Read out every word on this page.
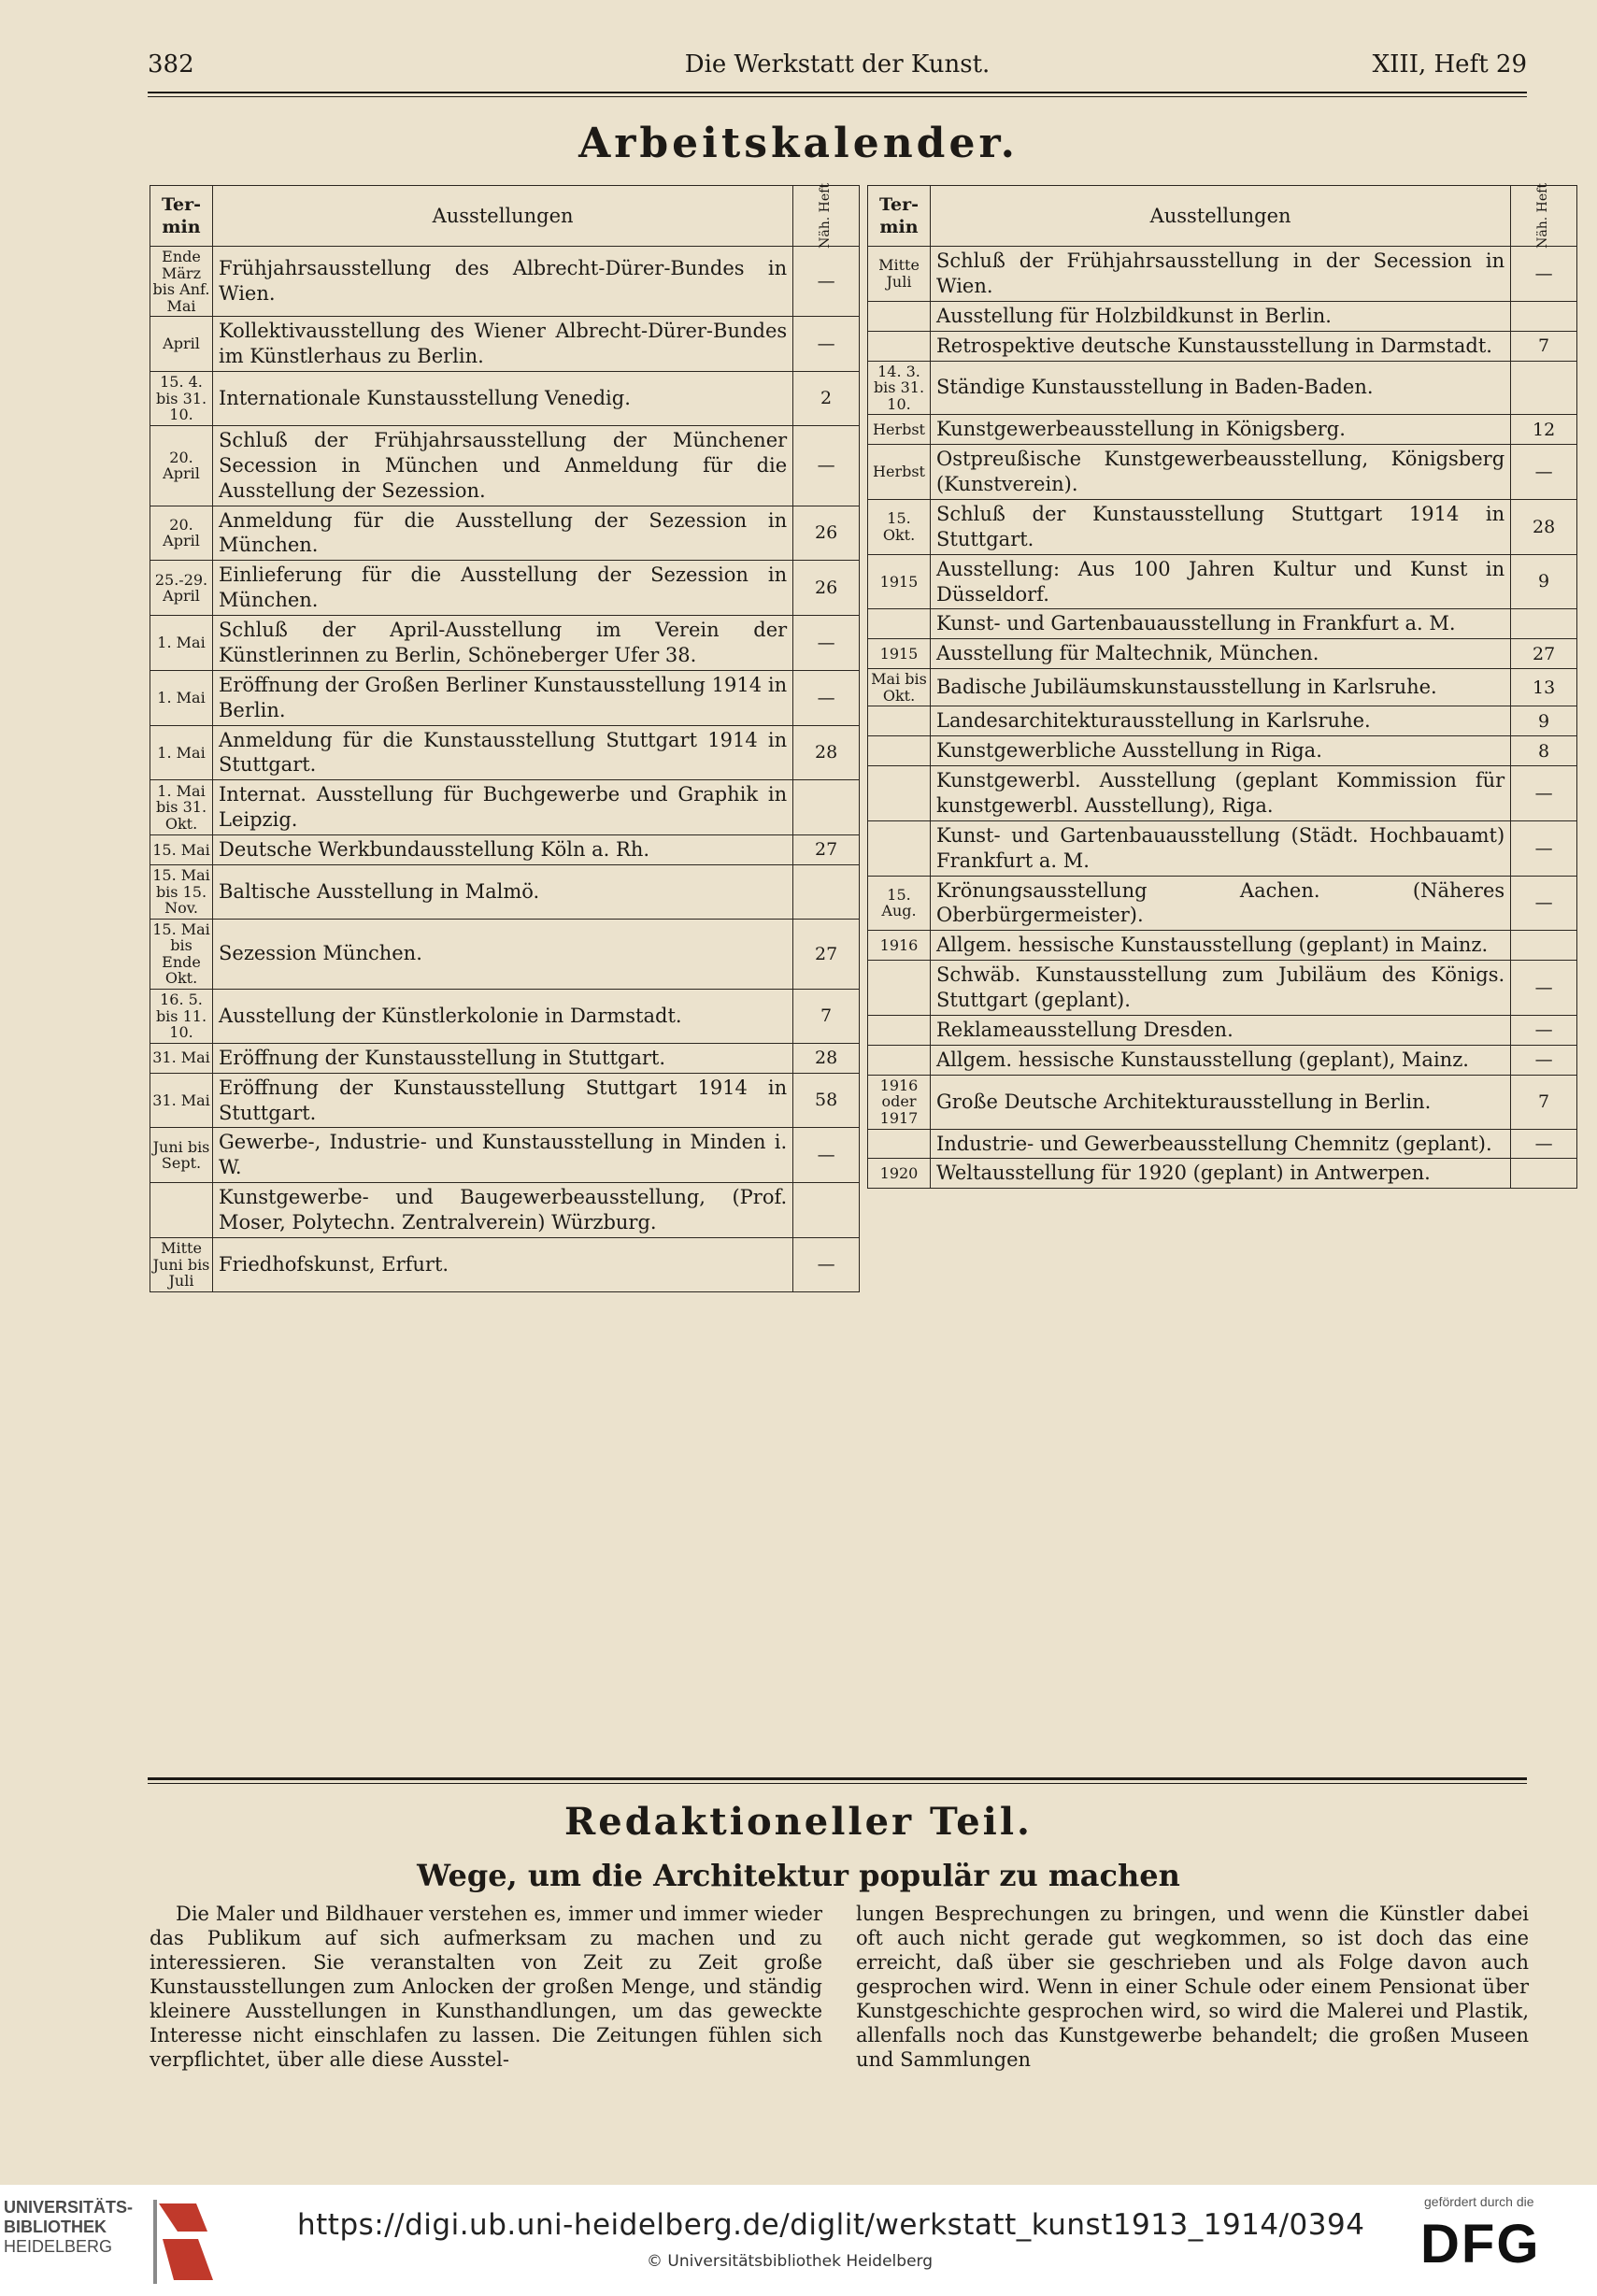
382	Die Werkstatt der Kunst.	XIII, Heft 29
Arbeitskalender.
Ter-min	Ausstellungen	Näh. Heft
Ende März bis Anf. Mai	Frühjahrsausstellung des Albrecht-Dürer-Bundes in Wien.	—
April	Kollektivausstellung des Wiener Albrecht-Dürer-Bundes im Künstlerhaus zu Berlin.	—
15. 4. bis 31. 10.	Internationale Kunstausstellung Venedig.	2
20. April	Schluß der Frühjahrsausstellung der Münchener Secession in München und Anmeldung für die Ausstellung der Sezession.	—
20. April	Anmeldung für die Ausstellung der Sezession in München.	26
25.-29. April	Einlieferung für die Ausstellung der Sezession in München.	26
1. Mai	Schluß der April-Ausstellung im Verein der Künstlerinnen zu Berlin, Schöneberger Ufer 38.	—
1. Mai	Eröffnung der Großen Berliner Kunstausstellung 1914 in Berlin.	—
1. Mai	Anmeldung für die Kunstausstellung Stuttgart 1914 in Stuttgart.	28
1. Mai bis 31. Okt.	Internat. Ausstellung für Buchgewerbe und Graphik in Leipzig.	
15. Mai	Deutsche Werkbundausstellung Köln a. Rh.	27
15. Mai bis 15. Nov.	Baltische Ausstellung in Malmö.	
15. Mai bis Ende Okt.	Sezession München.	27
16. 5. bis 11. 10.	Ausstellung der Künstlerkolonie in Darmstadt.	7
31. Mai	Eröffnung der Kunstausstellung in Stuttgart.	28
31. Mai	Eröffnung der Kunstausstellung Stuttgart 1914 in Stuttgart.	58
Juni bis Sept.	Gewerbe-, Industrie- und Kunstausstellung in Minden i. W.	—
	Kunstgewerbe- und Baugewerbeausstellung, (Prof. Moser, Polytechn. Zentralverein) Würzburg.	
Mitte Juni bis Juli	Friedhofskunst, Erfurt.	—
Ter-min	Ausstellungen	Näh. Heft
Mitte Juli	Schluß der Frühjahrsausstellung in der Secession in Wien.	—
	Ausstellung für Holzbildkunst in Berlin.	
	Retrospektive deutsche Kunstausstellung in Darmstadt.	7
14. 3. bis 31. 10.	Ständige Kunstausstellung in Baden-Baden.	
Herbst	Kunstgewerbeausstellung in Königsberg.	12
Herbst	Ostpreußische Kunstgewerbeausstellung, Königsberg (Kunstverein).	—
15. Okt.	Schluß der Kunstausstellung Stuttgart 1914 in Stuttgart.	28
1915	Ausstellung: Aus 100 Jahren Kultur und Kunst in Düsseldorf.	9
	Kunst- und Gartenbauausstellung in Frankfurt a. M.	
1915	Ausstellung für Maltechnik, München.	27
Mai bis Okt.	Badische Jubiläumskunstausstellung in Karlsruhe.	13
	Landesarchitekturausstellung in Karlsruhe.	9
	Kunstgewerbliche Ausstellung in Riga.	8
	Kunstgewerbl. Ausstellung (geplant Kommission für kunstgewerbl. Ausstellung), Riga.	—
	Kunst- und Gartenbauausstellung (Städt. Hochbauamt) Frankfurt a. M.	—
15. Aug.	Krönungsausstellung Aachen. (Näheres Oberbürgermeister).	—
1916	Allgem. hessische Kunstausstellung (geplant) in Mainz.	
	Schwäb. Kunstausstellung zum Jubiläum des Königs. Stuttgart (geplant).	—
	Reklameausstellung Dresden.	—
	Allgem. hessische Kunstausstellung (geplant), Mainz.	—
1916 oder 1917	Große Deutsche Architekturausstellung in Berlin.	7
	Industrie- und Gewerbeausstellung Chemnitz (geplant).	—
1920	Weltausstellung für 1920 (geplant) in Antwerpen.	
Redaktioneller Teil.
Wege, um die Architektur populär zu machen

Die Maler und Bildhauer verstehen es, immer und immer wieder das Publikum auf sich aufmerksam zu machen und zu interessieren. Sie veranstalten von Zeit zu Zeit große Kunstausstellungen zum Anlocken der großen Menge, und ständig kleinere Ausstellungen in Kunsthandlungen, um das geweckte Interesse nicht einschlafen zu lassen. Die Zeitungen fühlen sich verpflichtet, über alle diese Ausstel-

lungen Besprechungen zu bringen, und wenn die Künstler dabei oft auch nicht gerade gut wegkommen, so ist doch das eine erreicht, daß über sie geschrieben und als Folge davon auch gesprochen wird. Wenn in einer Schule oder einem Pensionat über Kunstgeschichte gesprochen wird, so wird die Malerei und Plastik, allenfalls noch das Kunstgewerbe behandelt; die großen Museen und Sammlungen

UNIVERSITÄTS-
BIBLIOTHEK
HEIDELBERG
https://digi.ub.uni-heidelberg.de/diglit/werkstatt_kunst1913_1914/0394
© Universitätsbibliothek Heidelberg
gefördert durch die
DFG
